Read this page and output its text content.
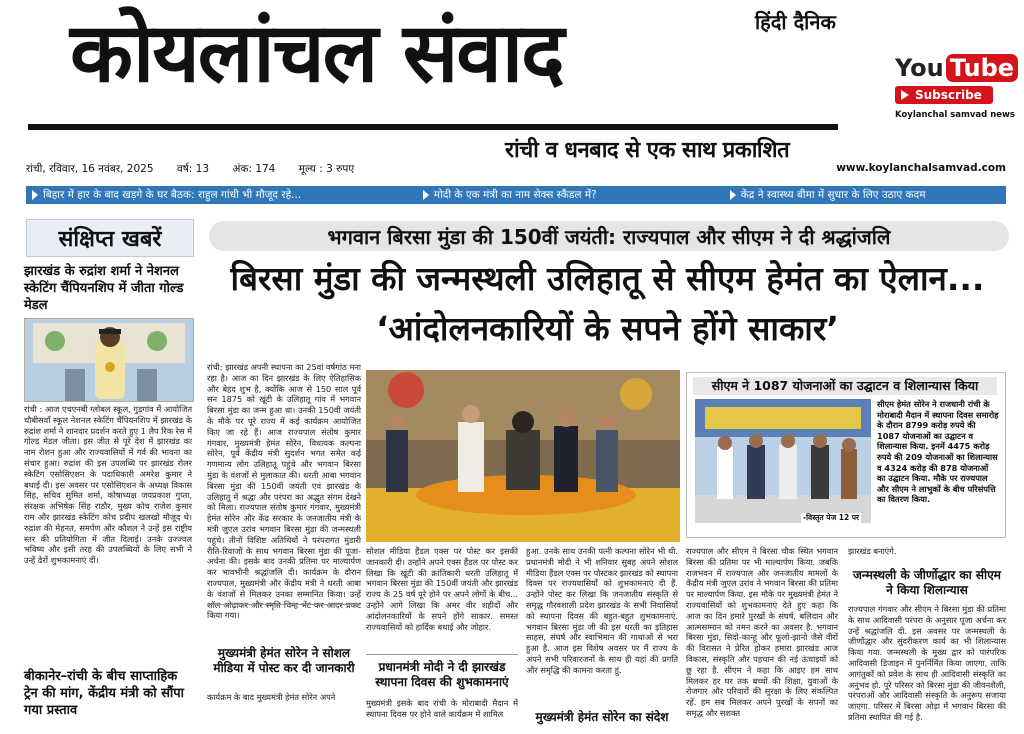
हिंदी दैनिक
कोयलांचल संवाद
रांची व धनबाद से एक साथ प्रकाशित
You Tube
Subscribe
Koylanchal samvad news
रांची, रविवार, 16 नवंबर, 2025 वर्ष: 13 अंक: 174 मूल्य : 3 रुपए	www.koylanchalsamvad.com
बिहार में हार के बाद खड़गे के घर बैठक: राहुल गांधी भी मौजूद रहे...	मोदी के एक मंत्री का नाम सेक्स स्कैंडल में?	केंद्र ने स्वास्थ्य बीमा में सुधार के लिए उठाए कदम
संक्षिप्त खबरें
झारखंड के रुद्रांश शर्मा ने नेशनल स्केटिंग चैंपियनशिप में जीता गोल्ड मेडल
रांची : आज एचएनबी ग्लोबल स्कूल, गुड़गांव में आयोजित चौबीसवाँ स्कूल नेशनल स्केटिंग चैंपियनशिप में झारखंड के रुद्रांश शर्मा ने शानदार प्रदर्शन करते हुए 1 लैप रिंक रेस में गोल्ड मेडल जीता। इस जीत से पूरे देश में झारखंड का नाम रोशन हुआ और राज्यवासियों में गर्व की भावना का संचार हुआ। रुद्रांश की इस उपलब्धि पर झारखंड रोलर स्केटिंग एसोसिएशन के पदाधिकारी अमरेश कुमार ने बधाई दी। इस अवसर पर एसोसिएशन के अध्यक्ष विकास सिंह, सचिव सुमित शर्मा, कोषाध्यक्ष जयप्रकाश गुप्ता, संरक्षक अभिषेक सिंह राठौर, मुख्य कोच राजेश कुमार राम और झारखंड स्केटिंग कोच प्रदीप खलखो मौजूद थे। रुद्रांश की मेहनत, समर्पण और कौशल ने उन्हें इस राष्ट्रीय स्तर की प्रतियोगिता में जीत दिलाई। उनके उज्ज्वल भविष्य और इसी तरह की उपलब्धियों के लिए सभी ने उन्हें ढेरों शुभकामनाएं दीं।
बीकानेर–रांची के बीच साप्ताहिक ट्रेन की मांग, केंद्रीय मंत्री को सौंपा गया प्रस्ताव
भगवान बिरसा मुंडा की 150वीं जयंती: राज्यपाल और सीएम ने दी श्रद्धांजलि
बिरसा मुंडा की जन्मस्थली उलिहातू से सीएम हेमंत का ऐलान... ‘आंदोलनकारियों के सपने होंगे साकार’
रांची: झारखंड अपनी स्थापना का 25वां वर्षगांठ मना रहा है। आज का दिन झारखंड के लिए ऐतिहासिक और बेहद शुभ है, क्योंकि आज से 150 साल पूर्व सन 1875 को खूंटी के उलिहातू गांव में भगवान बिरसा मुंडा का जन्म हुआ था। उनकी 150वीं जयंती के मौके पर पूरे राज्य में कई कार्यक्रम आयोजित किए जा रहे हैं। आज राज्यपाल संतोष कुमार गंगवार, मुख्यमंत्री हेमंत सोरेन, विधायक कल्पना सोरेन, पूर्व केंद्रीय मंत्री सुदर्शन भगत समेत कई गणमान्य लोग उलिहातू पहुंचे और भगवान बिरसा मुंडा के वंशजों से मुलाकात की। धरती आबा भगवान बिरसा मुंडा की 150वीं जयंती एवं झारखंड के उलिहातू में श्रद्धा और परंपरा का अद्भुत संगम देखने को मिला। राज्यपाल संतोष कुमार गंगवार, मुख्यमंत्री हेमंत सोरेन और केंद्र सरकार के जनजातीय मंत्री के मंत्री जुएल उरांव भगवान बिरसा मुंडा की जन्मस्थली पहुंचे। तीनों विशिष्ट अतिथियों ने परंपरागत मुंडारी रीति-रिवाजों के साथ भगवान बिरसा मुंडा की पूजा-अर्चना की। इसके बाद उनकी प्रतिमा पर माल्यार्पण कर भावभीनी श्रद्धांजलि दी। कार्यक्रम के दौरान राज्यपाल, मुख्यमंत्री और केंद्रीय मंत्री ने धरती आबा के वंशजों से मिलकर उनका सम्मानित किया। उन्हें किया गया।
मुख्यमंत्री हेमंत सोरेन ने सोशल मीडिया में पोस्ट कर दी जानकारी
कार्यक्रम के बाद मुख्यमंत्री हेमंत सोरेन अपने
सोशल मीडिया हैंडल एक्स पर पोस्ट कर इसकी जानकारी दी। उन्होंने अपने एक्स हैंडल पर पोस्ट कर लिखा कि खूंटी की क्रांतिकारी धरती उलिहातू में भगवान बिरसा मुंडा की 150वीं जयंती और झारखंड राज्य के 25 वर्ष पूरे होने पर अपने लोगों के बीच... उन्होंने आगे लिखा कि अमर वीर शहीदों और आंदोलनकारियों के सपने होंगे साकार. समस्त राज्यवासियों को हार्दिक बधाई और जोहार.
प्रधानमंत्री मोदी ने दी झारखंड स्थापना दिवस की शुभकामनाएं
मुख्यमंत्री इसके बाद रांची के मोराबादी मैदान में स्थापना दिवस पर होने वाले कार्यक्रम में शामिल
हुआ. उनके साथ उनकी पत्नी कल्पना सोरेन भी थी. प्रधानमंत्री मोदी ने भी शनिवार सुबह अपने सोशल मीडिया हैंडल एक्स पर पोस्टकर झारखंड को स्थापना दिवस पर राज्यवासियों को शुभकामनाएं दी हैं. उन्होंने पोस्ट कर लिखा कि जनजातीय संस्कृति से समृद्ध गौरवशाली प्रदेश झारखंड के सभी निवासियों को स्थापना दिवस की बहुत-बहुत शुभकामनाएं. भगवान बिरसा मुंडा जी की इस धरती का इतिहास साहस, संघर्ष और स्वाभिमान की गाथाओं से भरा हुआ है. आज इस विशेष अवसर पर मैं राज्य के अपने सभी परिवारजनों के साथ ही यहां की प्रगति और समृद्धि की कामना करता हूं.
मुख्यमंत्री हेमंत सोरेन का संदेश
सीएम ने 1087 योजनाओं का उद्घाटन व शिलान्यास किया
-विस्तृत पेज 12 पर
सीएम हेमंत सोरेन ने राजधानी रांची के मोराबादी मैदान में स्थापना दिवस समारोह के दौरान 8799 करोड़ रुपये की 1087 योजनाओं का उद्घाटन व शिलान्यास किया. इनमें 4475 करोड़ रुपये की 209 योजनाओं का शिलान्यास व 4324 करोड़ की 878 योजनाओं का उद्घाटन किया. मौके पर राज्यपाल और सीएम ने लाभुकों के बीच परिसंपत्ति का वितरण किया.
राज्यपाल और सीएम ने बिरसा चौक स्थित भगवान बिरसा की प्रतिमा पर भी माल्यार्पण किया. जबकि राजभवन में राज्यपाल और जनजातीय मामलों के केंद्रीय मंत्री जुएल उरांव ने भगवान बिरसा की प्रतिमा पर माल्यार्पण किया. इस मौके पर मुख्यमंत्री हेमंत ने राज्यवासियों को शुभकामनाएं देते हुए कहा कि आज का दिन हमारे पुरखों के संघर्ष, बलिदान और आत्मसम्मान को नमन करने का अवसर है. भगवान बिरसा मुंडा, सिदो-कान्हू और फूलो-झानो जैसे वीरों की विरासत ने प्रेरित होकर हमारा झारखंड आज विकास, संस्कृति और पहचान की नई ऊंचाइयों को छू रहा है. सीएम ने कहा कि आइए हम साथ मिलकर हर घर तक बच्चों की शिक्षा, युवाओं के रोजगार और परिवारों की सुरक्षा के लिए संकल्पित रहें. हम सब मिलकर अपने पुरखों के सपनों का समृद्ध और सशक्त
झारखंड बनाएंगे.
जन्मस्थली के जीर्णोद्धार का सीएम ने किया शिलान्यास
राज्यपाल गंगवार और सीएम ने बिरसा मुंडा की प्रतिमा के साथ आदिवासी परंपरा के अनुसार पूजा अर्चना कर उन्हें श्रद्धांजलि दी. इस अवसर पर जन्मस्थली के जीर्णोद्धार और सुंदरीकरण कार्य का भी शिलान्यास किया गया. जन्मस्थली के मुख्य द्वार को पारंपरिक आदिवासी डिजाइन में पुनर्निर्मित किया जाएगा, ताकि आगंतुकों को प्रवेश के साथ ही आदिवासी संस्कृति का अनुभव हो. पूरे परिसर को बिरसा मुंडा की जीवनशैली, परंपराओं और आदिवासी संस्कृति के अनुरूप सजाया जाएगा. परिसर में बिरसा ओड़ा में भगवान बिरसा की प्रतिमा स्थापित की गई है.
